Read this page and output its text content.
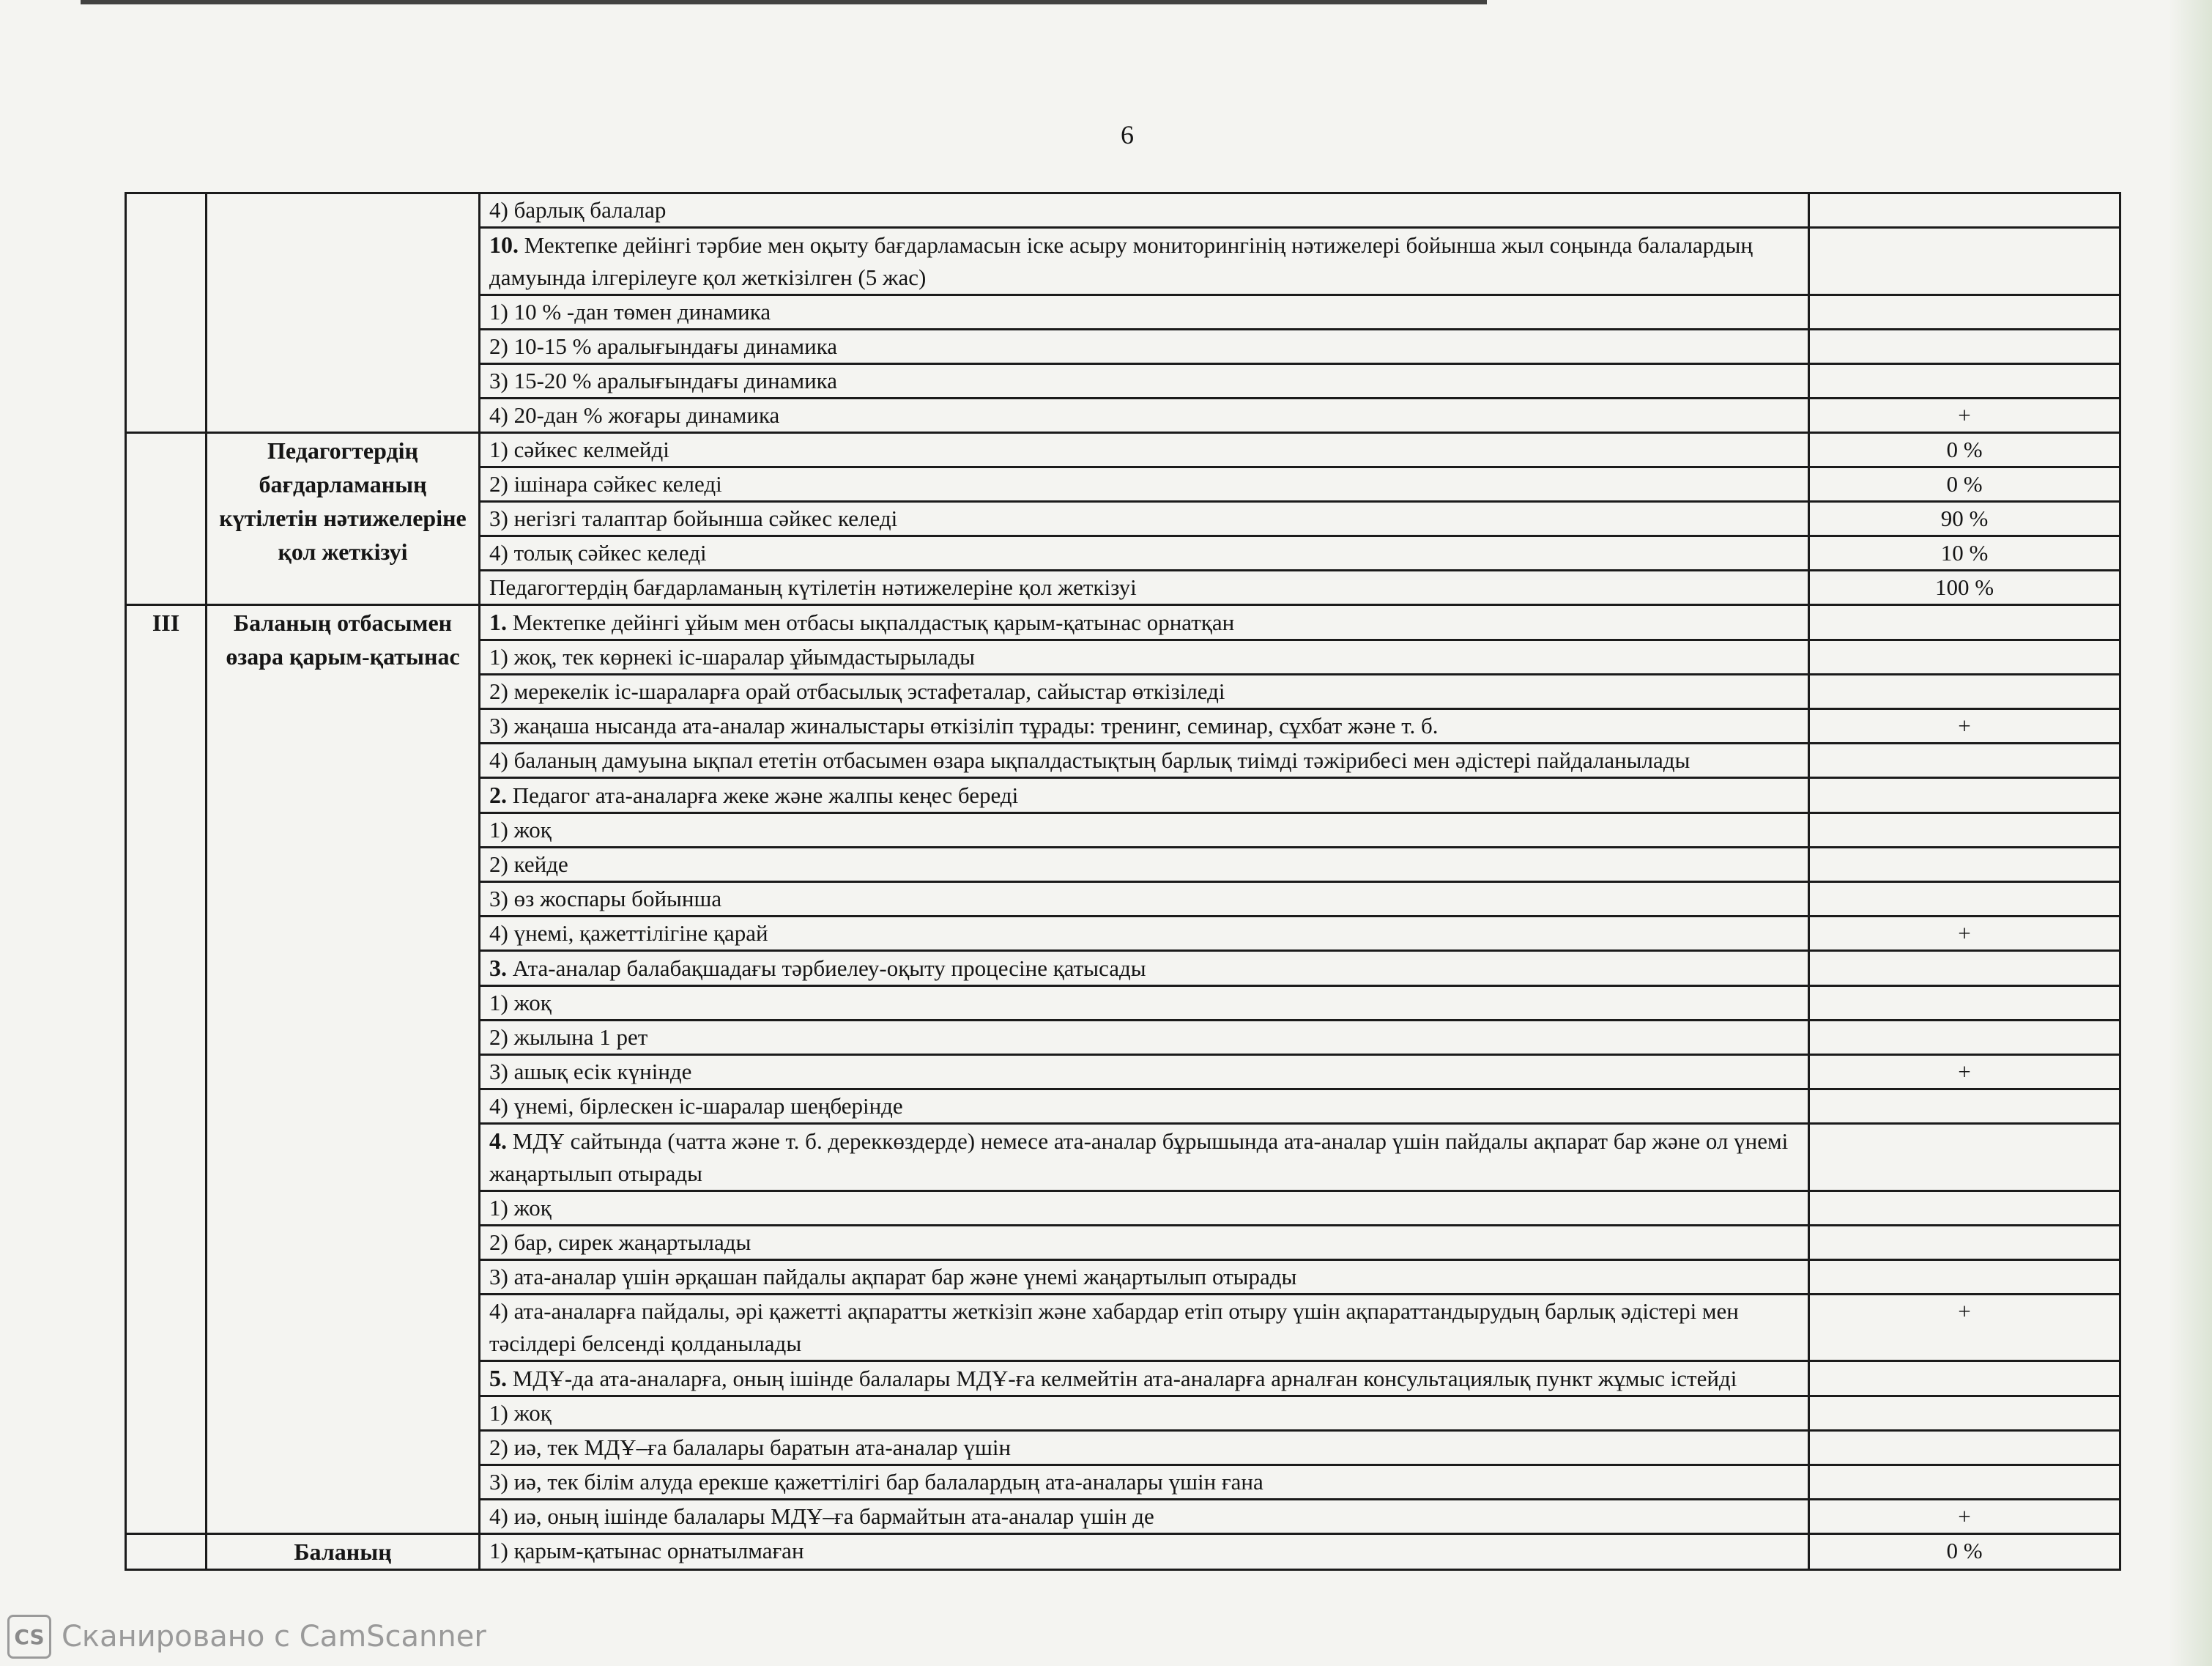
6
		4) барлық балалар	
		10. Мектепке дейінгі тәрбие мен оқыту бағдарламасын іске асыру мониторингінің нәтижелері бойынша жыл соңында балалардың дамуында ілгерілеуге қол жеткізілген (5 жас)	
		1) 10 % -дан төмен динамика	
		2) 10-15 % аралығындағы динамика	
		3) 15-20 % аралығындағы динамика	
		4) 20-дан % жоғары динамика	+
	Педагогтердің бағдарламаның күтілетін нәтижелеріне қол жеткізуі	1) сәйкес келмейді	0 %
		2) ішінара сәйкес келеді	0 %
		3) негізгі талаптар бойынша сәйкес келеді	90 %
		4) толық сәйкес келеді	10 %
		Педагогтердің бағдарламаның күтілетін нәтижелеріне қол жеткізуі	100 %
III	Баланың отбасымен өзара қарым-қатынас	1. Мектепке дейінгі ұйым мен отбасы ықпалдастық қарым-қатынас орнатқан	
		1) жоқ, тек көрнекі іс-шаралар ұйымдастырылады	
		2) мерекелік іс-шараларға орай отбасылық эстафеталар, сайыстар өткізіледі	
		3) жаңаша нысанда ата-аналар жиналыстары өткізіліп тұрады: тренинг, семинар, сұхбат және т. б.	+
		4) баланың дамуына ықпал ететін отбасымен өзара ықпалдастықтың барлық тиімді тәжірибесі мен әдістері пайдаланылады	
		2. Педагог ата-аналарға жеке және жалпы кеңес береді	
		1) жоқ	
		2) кейде	
		3) өз жоспары бойынша	
		4) үнемі, қажеттілігіне қарай	+
		3. Ата-аналар балабақшадағы тәрбиелеу-оқыту процесіне қатысады	
		1) жоқ	
		2) жылына 1 рет	
		3) ашық есік күнінде	+
		4) үнемі, бірлескен іс-шаралар шеңберінде	
		4. МДҰ сайтында (чатта және т. б. дереккөздерде) немесе ата-аналар бұрышында ата-аналар үшін пайдалы ақпарат бар және ол үнемі жаңартылып отырады	
		1) жоқ	
		2) бар, сирек жаңартылады	
		3) ата-аналар үшін әрқашан пайдалы ақпарат бар және үнемі жаңартылып отырады	
		4) ата-аналарға пайдалы, әрі қажетті ақпаратты жеткізіп және хабардар етіп отыру үшін ақпараттандырудың барлық әдістері мен тәсілдері белсенді қолданылады	+
		5. МДҰ-да ата-аналарға, оның ішінде балалары МДҰ-ға келмейтін ата-аналарға арналған консультациялық пункт жұмыс істейді	
		1) жоқ	
		2) иә, тек МДҰ–ға балалары баратын ата-аналар үшін	
		3) иә, тек білім алуда ерекше қажеттілігі бар балалардың ата-аналары үшін ғана	
		4) иә, оның ішінде балалары МДҰ–ға бармайтын ата-аналар үшін де	+
	Баланың	1) қарым-қатынас орнатылмаған	0 %
CS Сканировано с CamScanner
